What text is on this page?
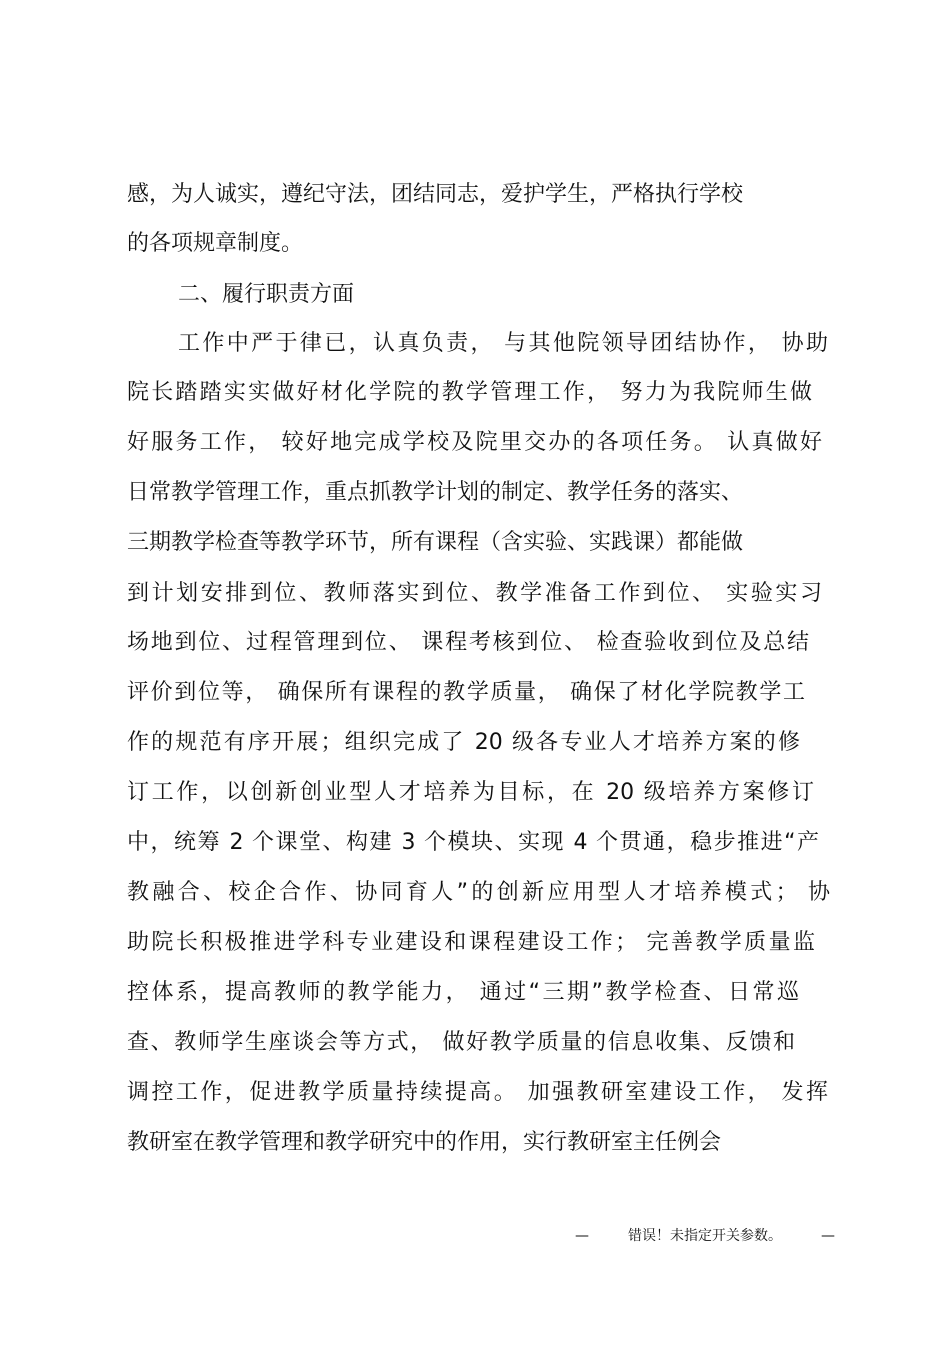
感，为人诚实，遵纪守法，团结同志，爱护学生，严格执行学校
的各项规章制度。
二、履行职责方面
工作中严于律已，认真负责， 与其他院领导团结协作， 协助
院长踏踏实实做好材化学院的教学管理工作， 努力为我院师生做
好服务工作， 较好地完成学校及院里交办的各项任务。 认真做好
日常教学管理工作，重点抓教学计划的制定、教学任务的落实、
三期教学检查等教学环节，所有课程（含实验、实践课）都能做
到计划安排到位、教师落实到位、教学准备工作到位、 实验实习
场地到位、过程管理到位、 课程考核到位、 检查验收到位及总结
评价到位等， 确保所有课程的教学质量， 确保了材化学院教学工
作的规范有序开展；组织完成了 20 级各专业人才培养方案的修
订工作，以创新创业型人才培养为目标，在 20 级培养方案修订
中，统筹 2 个课堂、构建 3 个模块、实现 4 个贯通，稳步推进“产
教融合、校企合作、协同育人”的创新应用型人才培养模式； 协
助院长积极推进学科专业建设和课程建设工作； 完善教学质量监
控体系，提高教师的教学能力， 通过“三期”教学检查、日常巡
查、教师学生座谈会等方式， 做好教学质量的信息收集、反馈和
调控工作，促进教学质量持续提高。 加强教研室建设工作， 发挥
教研室在教学管理和教学研究中的作用，实行教研室主任例会
—	错误！未指定开关参数。	—
